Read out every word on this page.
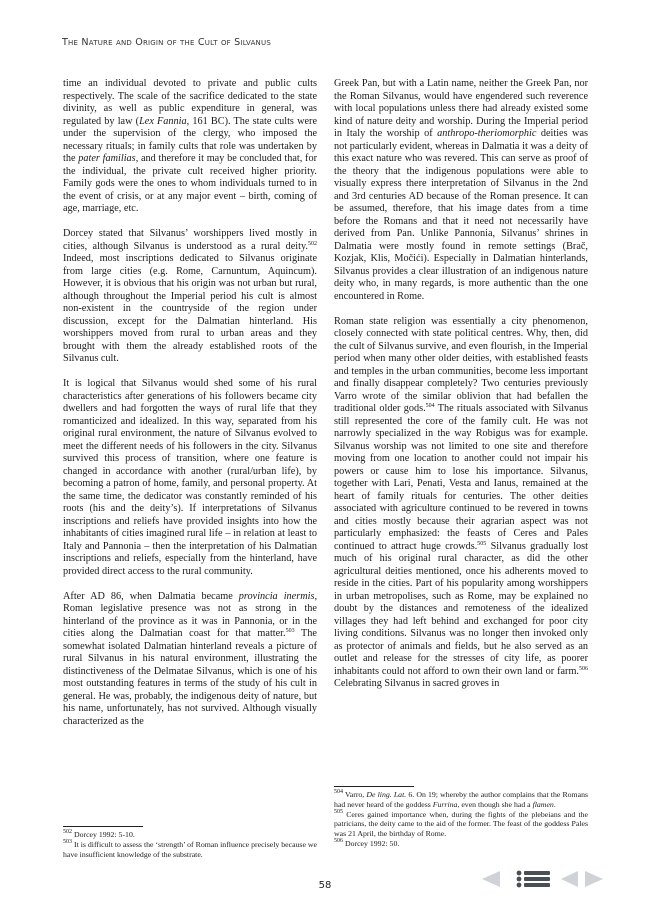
The Nature and Origin of the Cult of Silvanus

time an individual devoted to private and public cults respectively. The scale of the sacrifice dedicated to the state divinity, as well as public expenditure in general, was regulated by law (Lex Fannia, 161 BC). The state cults were under the supervision of the clergy, who imposed the necessary rituals; in family cults that role was undertaken by the pater familias, and therefore it may be concluded that, for the individual, the private cult received higher priority. Family gods were the ones to whom individuals turned to in the event of crisis, or at any major event – birth, coming of age, marriage, etc.

Dorcey stated that Silvanus’ worshippers lived mostly in cities, although Silvanus is understood as a rural deity.$^{502}$ Indeed, most inscriptions dedicated to Silvanus originate from large cities (e.g. Rome, Carnuntum, Aquincum). However, it is obvious that his origin was not urban but rural, although throughout the Imperial period his cult is almost non-existent in the countryside of the region under discussion, except for the Dalmatian hinterland. His worshippers moved from rural to urban areas and they brought with them the already established roots of the Silvanus cult.

It is logical that Silvanus would shed some of his rural characteristics after generations of his followers became city dwellers and had forgotten the ways of rural life that they romanticized and idealized. In this way, separated from his original rural environment, the nature of Silvanus evolved to meet the different needs of his followers in the city. Silvanus survived this process of transition, where one feature is changed in accordance with another (rural/urban life), by becoming a patron of home, family, and personal property. At the same time, the dedicator was constantly reminded of his roots (his and the deity’s). If interpretations of Silvanus inscriptions and reliefs have provided insights into how the inhabitants of cities imagined rural life – in relation at least to Italy and Pannonia – then the interpretation of his Dalmatian inscriptions and reliefs, especially from the hinterland, have provided direct access to the rural community.

After AD 86, when Dalmatia became provincia inermis, Roman legislative presence was not as strong in the hinterland of the province as it was in Pannonia, or in the cities along the Dalmatian coast for that matter.$^{503}$ The somewhat isolated Dalmatian hinterland reveals a picture of rural Silvanus in his natural environment, illustrating the distinctiveness of the Delmatae Silvanus, which is one of his most outstanding features in terms of the study of his cult in general. He was, probably, the indigenous deity of nature, but his name, unfortunately, has not survived. Although visually characterized as the

Greek Pan, but with a Latin name, neither the Greek Pan, nor the Roman Silvanus, would have engendered such reverence with local populations unless there had already existed some kind of nature deity and worship. During the Imperial period in Italy the worship of anthropo-theriomorphic deities was not particularly evident, whereas in Dalmatia it was a deity of this exact nature who was revered. This can serve as proof of the theory that the indigenous populations were able to visually express there interpretation of Silvanus in the 2nd and 3rd centuries AD because of the Roman presence. It can be assumed, therefore, that his image dates from a time before the Romans and that it need not necessarily have derived from Pan. Unlike Pannonia, Silvanus’ shrines in Dalmatia were mostly found in remote settings (Brač, Kozjak, Klis, Močići). Especially in Dalmatian hinterlands, Silvanus provides a clear illustration of an indigenous nature deity who, in many regards, is more authentic than the one encountered in Rome.

Roman state religion was essentially a city phenomenon, closely connected with state political centres. Why, then, did the cult of Silvanus survive, and even flourish, in the Imperial period when many other older deities, with established feasts and temples in the urban communities, become less important and finally disappear completely? Two centuries previously Varro wrote of the similar oblivion that had befallen the traditional older gods.$^{504}$ The rituals associated with Silvanus still represented the core of the family cult. He was not narrowly specialized in the way Robigus was for example. Silvanus worship was not limited to one site and therefore moving from one location to another could not impair his powers or cause him to lose his importance. Silvanus, together with Lari, Penati, Vesta and Ianus, remained at the heart of family rituals for centuries. The other deities associated with agriculture continued to be revered in towns and cities mostly because their agrarian aspect was not particularly emphasized: the feasts of Ceres and Pales continued to attract huge crowds.$^{505}$ Silvanus gradually lost much of his original rural character, as did the other agricultural deities mentioned, once his adherents moved to reside in the cities. Part of his popularity among worshippers in urban metropolises, such as Rome, may be explained no doubt by the distances and remoteness of the idealized villages they had left behind and exchanged for poor city living conditions. Silvanus was no longer then invoked only as protector of animals and fields, but he also served as an outlet and release for the stresses of city life, as poorer inhabitants could not afford to own their own land or farm.$^{506}$ Celebrating Silvanus in sacred groves in

$^{502}$ Dorcey 1992: 5-10.

$^{503}$ It is difficult to assess the ‘strength’ of Roman influence precisely because we have insufficient knowledge of the substrate.

$^{504}$ Varro, De ling. Lat. 6. On 19; whereby the author complains that the Romans had never heard of the goddess Furrina, even though she had a flamen.

$^{505}$ Ceres gained importance when, during the fights of the plebeians and the patricians, the deity came to the aid of the former. The feast of the goddess Pales was 21 April, the birthday of Rome.

$^{506}$ Dorcey 1992: 50.

58
